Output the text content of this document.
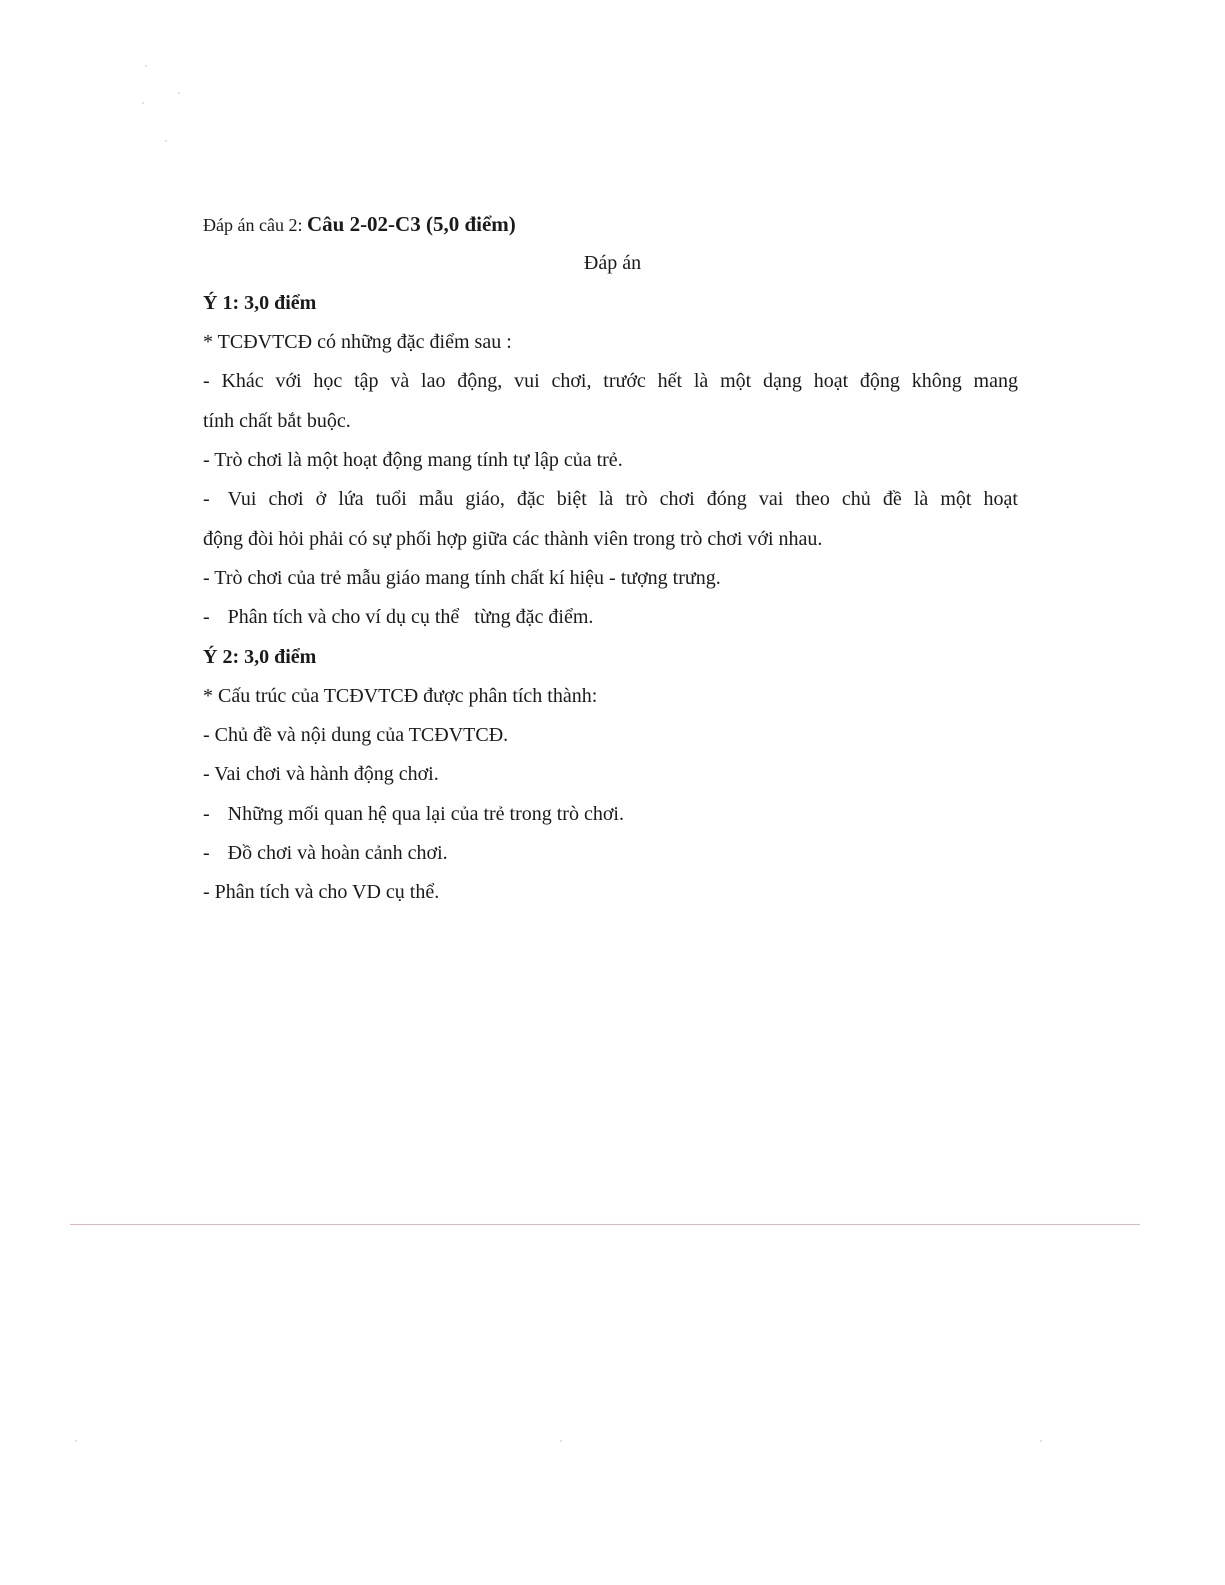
Đáp án câu 2: Câu 2-02-C3 (5,0 điểm)
Đáp án
Ý 1: 3,0 điểm
* TCĐVTCĐ có những đặc điểm sau :
- Khác với học tập và lao động, vui chơi, trước hết là một dạng hoạt động không mang
tính chất bắt buộc.
- Trò chơi là một hoạt động mang tính tự lập của trẻ.
- Vui chơi ở lứa tuổi mẫu giáo, đặc biệt là trò chơi đóng vai theo chủ đề là một hoạt
động đòi hỏi phải có sự phối hợp giữa các thành viên trong trò chơi với nhau.
- Trò chơi của trẻ mẫu giáo mang tính chất kí hiệu - tượng trưng.
- Phân tích và cho ví dụ cụ thể   từng đặc điểm.
Ý 2: 3,0 điểm
* Cấu trúc của TCĐVTCĐ được phân tích thành:
- Chủ đề và nội dung của TCĐVTCĐ.
- Vai chơi và hành động chơi.
- Những mối quan hệ qua lại của trẻ trong trò chơi.
- Đồ chơi và hoàn cảnh chơi.
- Phân tích và cho VD cụ thể.
